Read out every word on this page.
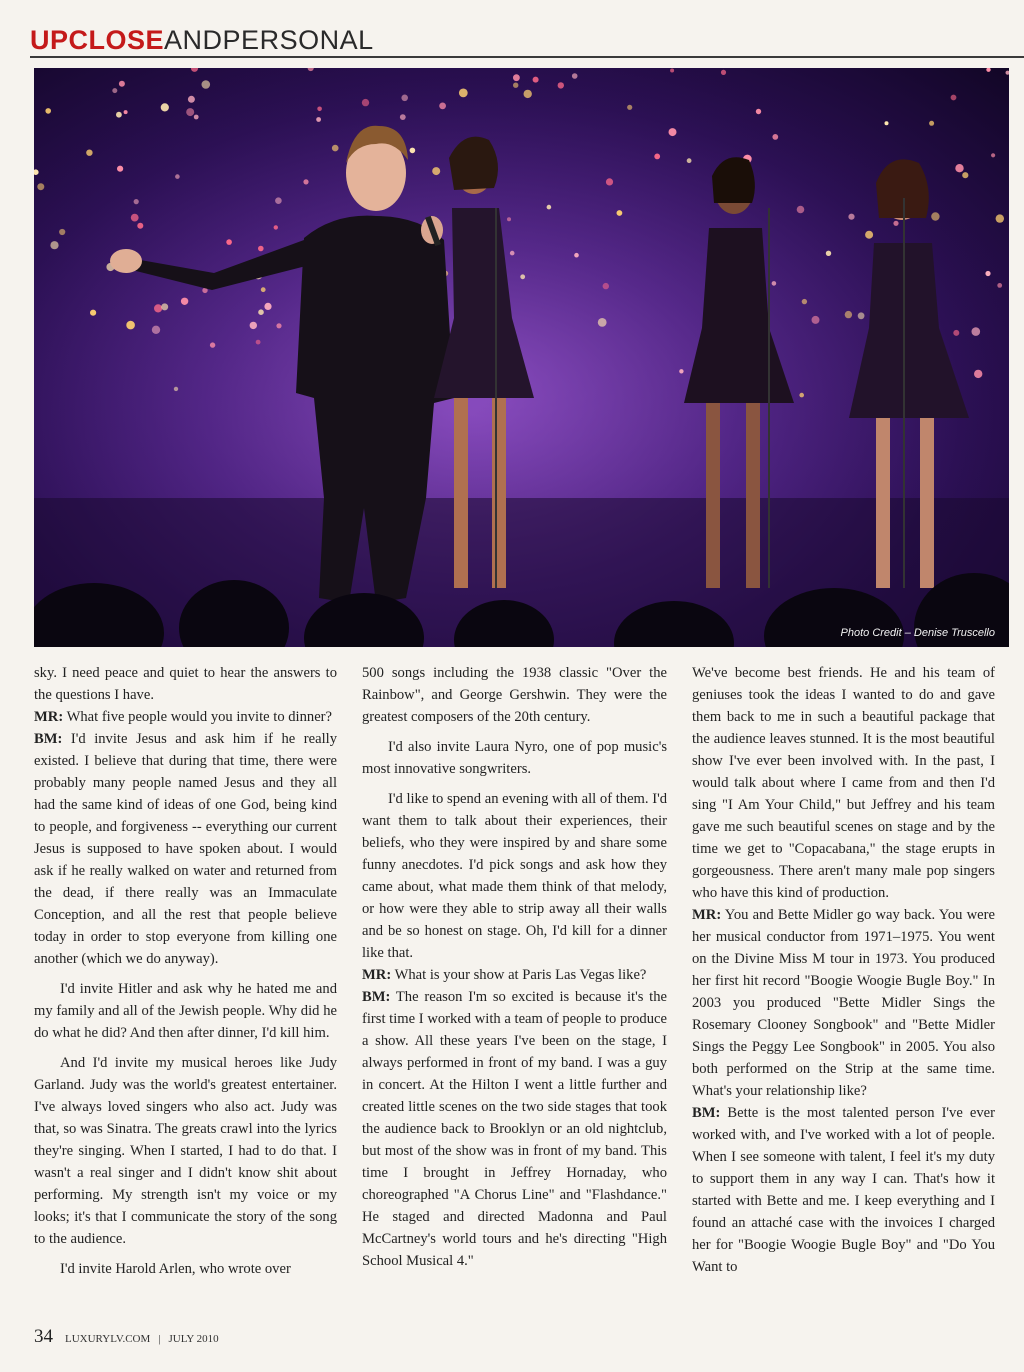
UPCLOSEANDPERSONAL
Photo Credit – Denise Truscello

sky. I need peace and quiet to hear the answers to the questions I have.

MR: What five people would you invite to dinner?

BM: I'd invite Jesus and ask him if he really existed. I believe that during that time, there were probably many people named Jesus and they all had the same kind of ideas of one God, being kind to people, and forgiveness -- everything our current Jesus is supposed to have spoken about. I would ask if he really walked on water and returned from the dead, if there really was an Immaculate Conception, and all the rest that people believe today in order to stop everyone from killing one another (which we do anyway).

I'd invite Hitler and ask why he hated me and my family and all of the Jewish people. Why did he do what he did? And then after dinner, I'd kill him.

And I'd invite my musical heroes like Judy Garland. Judy was the world's greatest entertainer. I've always loved singers who also act. Judy was that, so was Sinatra. The greats crawl into the lyrics they're singing. When I started, I had to do that. I wasn't a real singer and I didn't know shit about performing. My strength isn't my voice or my looks; it's that I communicate the story of the song to the audience.

I'd invite Harold Arlen, who wrote over

500 songs including the 1938 classic "Over the Rainbow", and George Gershwin. They were the greatest composers of the 20th century.

I'd also invite Laura Nyro, one of pop music's most innovative songwriters.

I'd like to spend an evening with all of them. I'd want them to talk about their experiences, their beliefs, who they were inspired by and share some funny anecdotes. I'd pick songs and ask how they came about, what made them think of that melody, or how were they able to strip away all their walls and be so honest on stage. Oh, I'd kill for a dinner like that.

MR: What is your show at Paris Las Vegas like?

BM: The reason I'm so excited is because it's the first time I worked with a team of people to produce a show. All these years I've been on the stage, I always performed in front of my band. I was a guy in concert. At the Hilton I went a little further and created little scenes on the two side stages that took the audience back to Brooklyn or an old nightclub, but most of the show was in front of my band. This time I brought in Jeffrey Hornaday, who choreographed "A Chorus Line" and "Flashdance." He staged and directed Madonna and Paul McCartney's world tours and he's directing "High School Musical 4."

We've become best friends. He and his team of geniuses took the ideas I wanted to do and gave them back to me in such a beautiful package that the audience leaves stunned. It is the most beautiful show I've ever been involved with. In the past, I would talk about where I came from and then I'd sing "I Am Your Child," but Jeffrey and his team gave me such beautiful scenes on stage and by the time we get to "Copacabana," the stage erupts in gorgeousness. There aren't many male pop singers who have this kind of production.

MR: You and Bette Midler go way back. You were her musical conductor from 1971–1975. You went on the Divine Miss M tour in 1973. You produced her first hit record "Boogie Woogie Bugle Boy." In 2003 you produced "Bette Midler Sings the Rosemary Clooney Songbook" and "Bette Midler Sings the Peggy Lee Songbook" in 2005. You also both performed on the Strip at the same time. What's your relationship like?

BM: Bette is the most talented person I've ever worked with, and I've worked with a lot of people. When I see someone with talent, I feel it's my duty to support them in any way I can. That's how it started with Bette and me. I keep everything and I found an attaché case with the invoices I charged her for "Boogie Woogie Bugle Boy" and "Do You Want to

34 LUXURYLV.COM | JULY 2010
